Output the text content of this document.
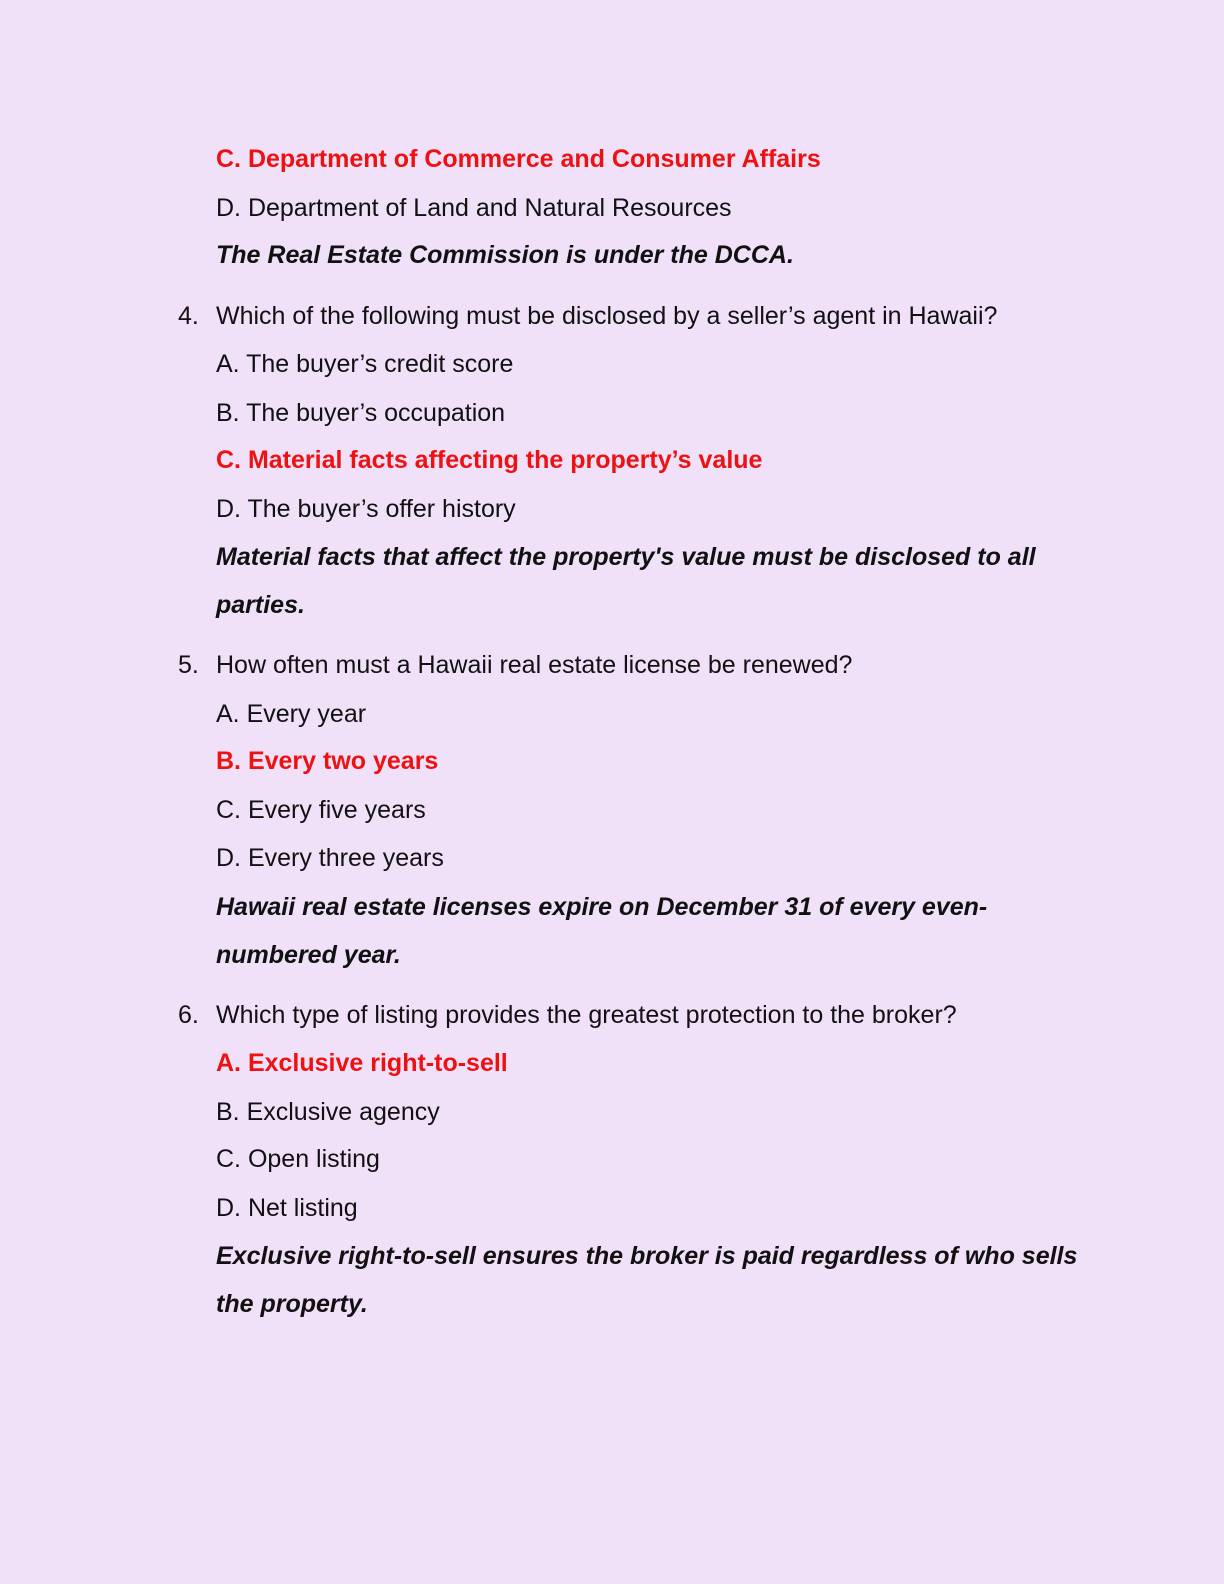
C. Department of Commerce and Consumer Affairs

D. Department of Land and Natural Resources

The Real Estate Commission is under the DCCA.

4. Which of the following must be disclosed by a seller’s agent in Hawaii?

A. The buyer’s credit score

B. The buyer’s occupation

C. Material facts affecting the property’s value

D. The buyer’s offer history

Material facts that affect the property's value must be disclosed to all

parties.

5. How often must a Hawaii real estate license be renewed?

A. Every year

B. Every two years

C. Every five years

D. Every three years

Hawaii real estate licenses expire on December 31 of every even-

numbered year.

6. Which type of listing provides the greatest protection to the broker?

A. Exclusive right-to-sell

B. Exclusive agency

C. Open listing

D. Net listing

Exclusive right-to-sell ensures the broker is paid regardless of who sells

the property.
